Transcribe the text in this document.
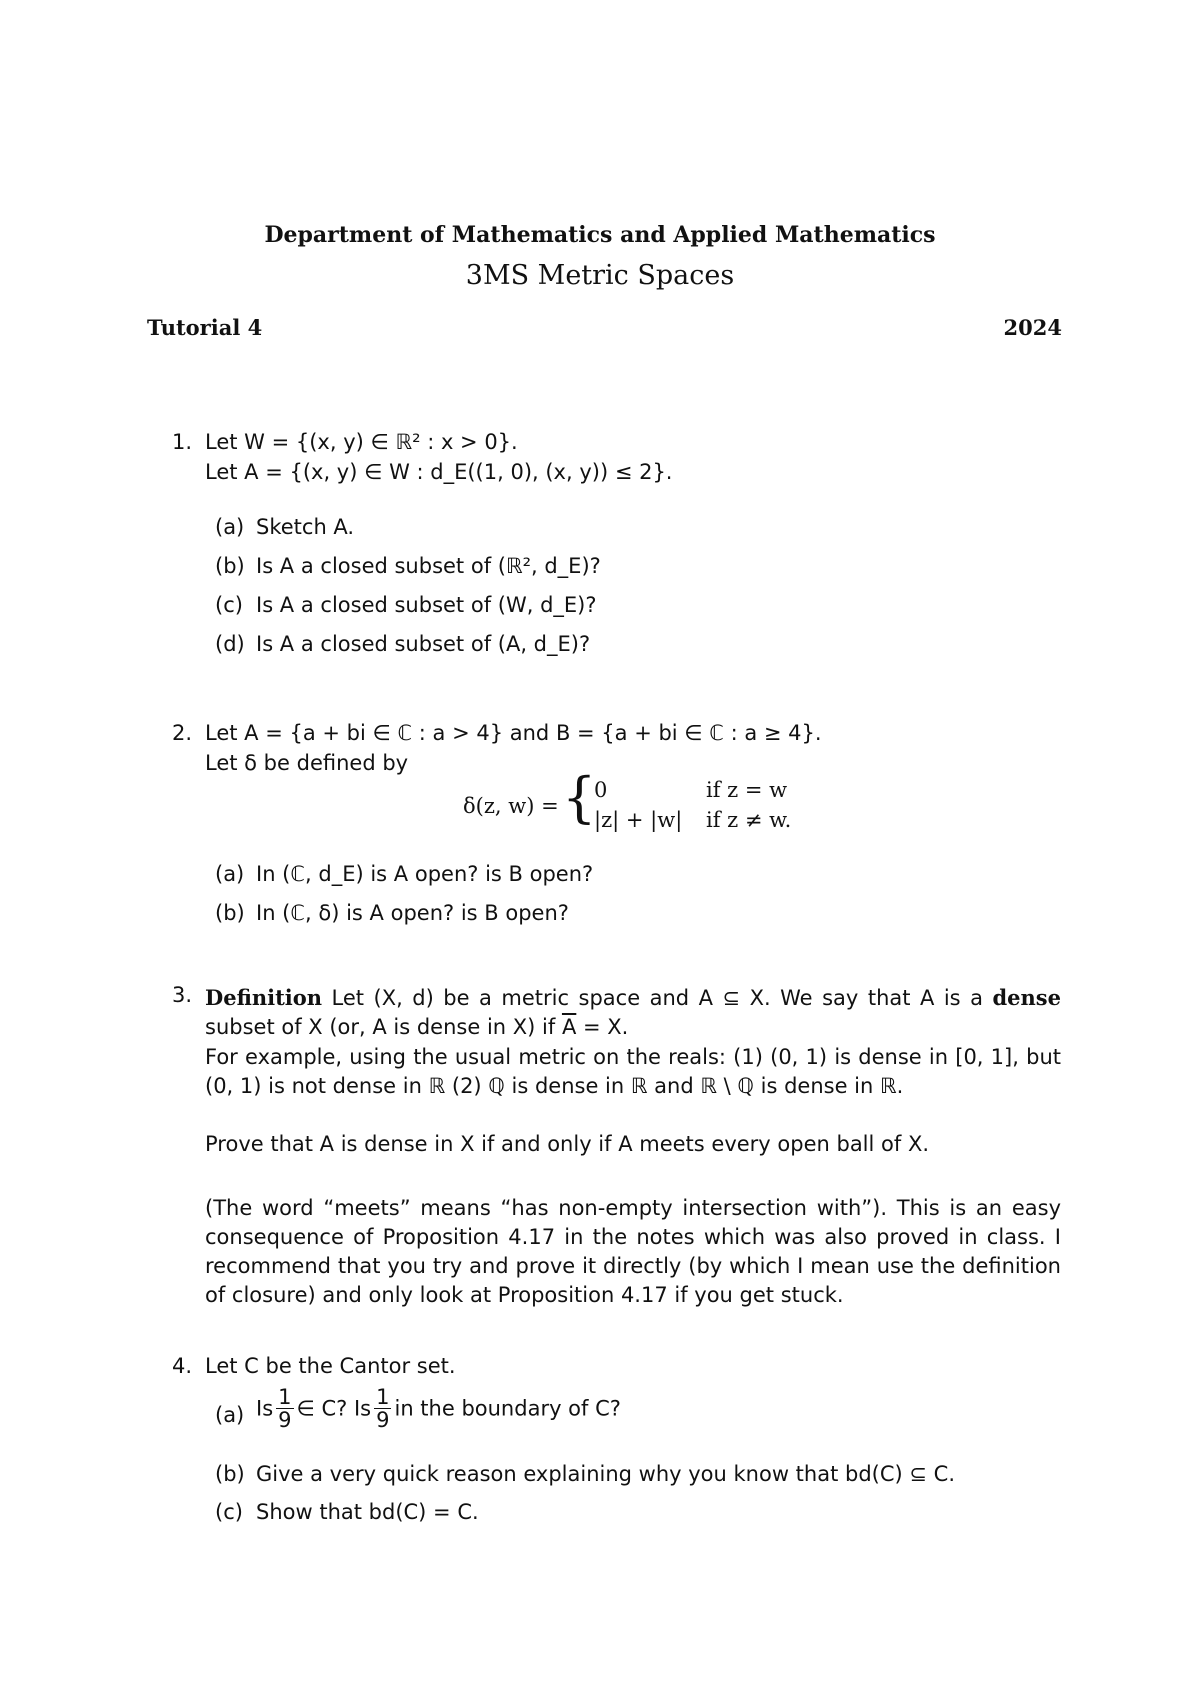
Department of Mathematics and Applied Mathematics
3MS Metric Spaces
Tutorial 4	2024
1. Let W = {(x, y) ∈ ℝ² : x > 0}.
Let A = {(x, y) ∈ W : d_E((1, 0), (x, y)) ≤ 2}.
(a) Sketch A.
(b) Is A a closed subset of (ℝ², d_E)?
(c) Is A a closed subset of (W, d_E)?
(d) Is A a closed subset of (A, d_E)?
2. Let A = {a + bi ∈ ℂ : a > 4} and B = {a + bi ∈ ℂ : a ≥ 4}.
Let δ be defined by
δ(z, w) = {
0	if z = w
|z| + |w| if z ≠ w.
(a) In (ℂ, d_E) is A open? is B open?
(b) In (ℂ, δ) is A open? is B open?
3. Definition Let (X, d) be a metric space and A ⊆ X. We say that A is a dense subset of X (or, A is dense in X) if $\overline{A} = X$.
For example, using the usual metric on the reals: (1) (0, 1) is dense in [0, 1], but (0, 1) is not dense in ℝ (2) ℚ is dense in ℝ and ℝ \ ℚ is dense in ℝ.
Prove that A is dense in X if and only if A meets every open ball of X.
(The word “meets” means “has non-empty intersection with”). This is an easy consequence of Proposition 4.17 in the notes which was also proved in class. I recommend that you try and prove it directly (by which I mean use the definition of closure) and only look at Proposition 4.17 if you get stuck.
4. Let C be the Cantor set.
(a) Is $\frac{1}{9}$ ∈ C? Is $\frac{1}{9}$ in the boundary of C?
(b) Give a very quick reason explaining why you know that bd(C) ⊆ C.
(c) Show that bd(C) = C.
